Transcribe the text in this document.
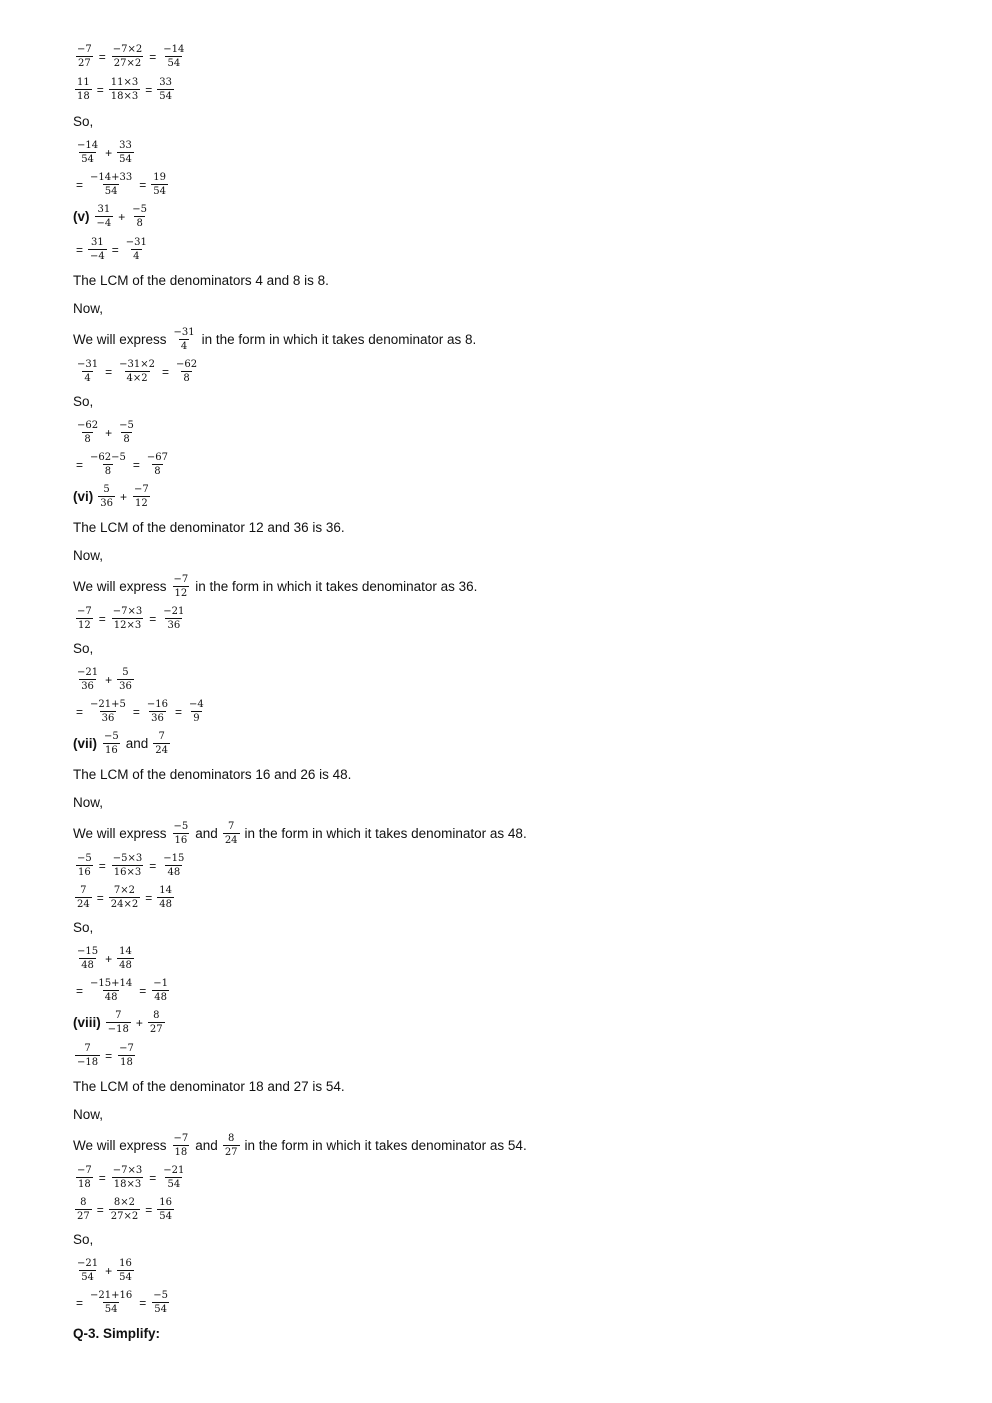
$\frac{-7}{27} = \frac{-7\times 2}{27\times 2} = \frac{-14}{54}$
$\frac{11}{18} = \frac{11\times 3}{18\times 3} = \frac{33}{54}$
So,
$\frac{-14}{54} + \frac{33}{54}$
= $\frac{-14+33}{54} = \frac{19}{54}$
$(v) \frac{31}{-4} + \frac{-5}{8}$
= $\frac{31}{-4} = \frac{-31}{4}$
The LCM of the denominators 4 and 8 is 8.
Now,
We will express $\frac{-31}{4}$ in the form in which it takes denominator as 8.
$\frac{-31}{4} = \frac{-31\times 2}{4\times 2} = \frac{-62}{8}$
So,
$\frac{-62}{8} + \frac{-5}{8}$
= $\frac{-62-5}{8} = \frac{-67}{8}$
$(vi) \frac{5}{36} + \frac{-7}{12}$
The LCM of the denominator 12 and 36 is 36.
Now,
We will express $\frac{-7}{12}$ in the form in which it takes denominator as 36.
$\frac{-7}{12} = \frac{-7\times 3}{12\times 3} = \frac{-21}{36}$
So,
$\frac{-21}{36} + \frac{5}{36}$
= $\frac{-21+5}{36} = \frac{-16}{36} = \frac{-4}{9}$
$(vii) \frac{-5}{16}$ and $\frac{7}{24}$
The LCM of the denominators 16 and 26 is 48.
Now,
We will express $\frac{-5}{16}$ and $\frac{7}{24}$ in the form in which it takes denominator as 48.
$\frac{-5}{16} = \frac{-5\times 3}{16\times 3} = \frac{-15}{48}$
$\frac{7}{24} = \frac{7\times 2}{24\times 2} = \frac{14}{48}$
So,
$\frac{-15}{48} + \frac{14}{48}$
= $\frac{-15+14}{48} = \frac{-1}{48}$
(viii) $\frac{7}{-18} + \frac{8}{27}$
$\frac{7}{-18} = \frac{-7}{18}$
The LCM of the denominator 18 and 27 is 54.
Now,
We will express $\frac{-7}{18}$ and $\frac{8}{27}$ in the form in which it takes denominator as 54.
$\frac{-7}{18} = \frac{-7\times 3}{18\times 3} = \frac{-21}{54}$
$\frac{8}{27} = \frac{8\times 2}{27\times 2} = \frac{16}{54}$
So,
$\frac{-21}{54} + \frac{16}{54}$
= $\frac{-21+16}{54} = \frac{-5}{54}$
Q-3. Simplify:
